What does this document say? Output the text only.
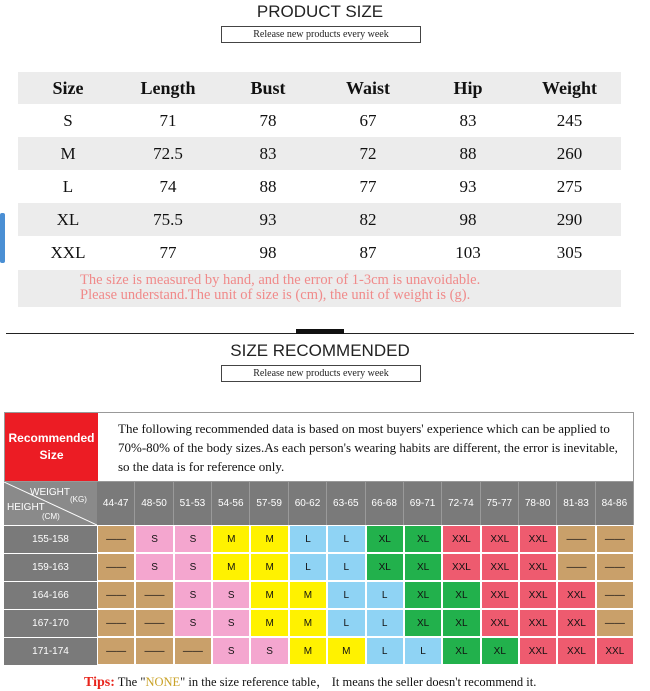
PRODUCT SIZE
Release new products every week
Size	Length	Bust	Waist	Hip	Weight
S	71	78	67	83	245
M	72.5	83	72	88	260
L	74	88	77	93	275
XL	75.5	93	82	98	290
XXL	77	98	87	103	305
The size is measured by hand, and the error of 1-3cm is unavoidable.
Please understand.The unit of size is (cm), the unit of weight is (g).
SIZE RECOMMENDED
Release new products every week
Recommended
Size
The following recommended data is based on most buyers' experience which can be applied to 70%-80% of the body sizes.As each person's wearing habits are different, the error is inevitable, so the data is for reference only.
WEIGHT
(KG)
HEIGHT
(CM)
44-47	48-50	51-53	54-56	57-59	60-62	63-65	66-68	69-71	72-74	75-77	78-80	81-83	84-86
155-158	——	S	S	M	M	L	L	XL	XL	XXL	XXL	XXL	——	——
159-163	——	S	S	M	M	L	L	XL	XL	XXL	XXL	XXL	——	——
164-166	——	——	S	S	M	M	L	L	XL	XL	XXL	XXL	XXL	——
167-170	——	——	S	S	M	M	L	L	XL	XL	XXL	XXL	XXL	——
171-174	——	——	——	S	S	M	M	L	L	XL	XL	XXL	XXL	XXL
Tips: The "NONE" in the size reference table， It means the seller doesn't recommend it.
